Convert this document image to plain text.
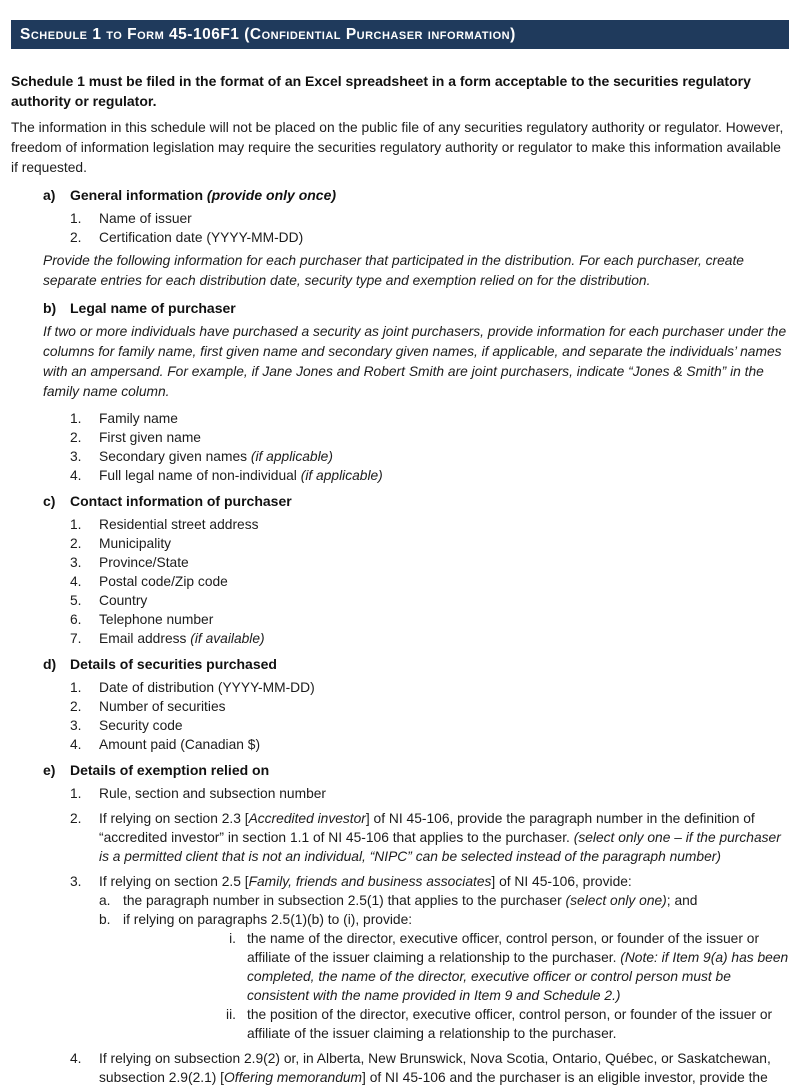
Schedule 1 to Form 45-106F1 (Confidential Purchaser information)

Schedule 1 must be filed in the format of an Excel spreadsheet in a form acceptable to the securities regulatory authority or regulator.

The information in this schedule will not be placed on the public file of any securities regulatory authority or regulator. However, freedom of information legislation may require the securities regulatory authority or regulator to make this information available if requested.

a)	General information (provide only once)
1.	Name of issuer
2.	Certification date (YYYY-MM-DD)

Provide the following information for each purchaser that participated in the distribution. For each purchaser, create separate entries for each distribution date, security type and exemption relied on for the distribution.

b) Legal name of purchaser

If two or more individuals have purchased a security as joint purchasers, provide information for each purchaser under the columns for family name, first given name and secondary given names, if applicable, and separate the individuals’ names with an ampersand. For example, if Jane Jones and Robert Smith are joint purchasers, indicate “Jones & Smith” in the family name column.

1.	Family name
2.	First given name
3.	Secondary given names (if applicable)
4.	Full legal name of non-individual (if applicable)
c)	Contact information of purchaser
1.	Residential street address
2.	Municipality
3.	Province/State
4.	Postal code/Zip code
5.	Country
6.	Telephone number
7.	Email address (if available)
d) Details of securities purchased
1.	Date of distribution (YYYY-MM-DD)
2.	Number of securities
3.	Security code
4.	Amount paid (Canadian $)
e)	Details of exemption relied on
1.	Rule, section and subsection number
2.	If relying on section 2.3 [Accredited investor] of NI 45-106, provide the paragraph number in the definition of “accredited investor” in section 1.1 of NI 45-106 that applies to the purchaser. (select only one – if the purchaser is a permitted client that is not an individual, “NIPC” can be selected instead of the paragraph number)
3.	If relying on section 2.5 [Family, friends and business associates] of NI 45-106, provide:
a. the paragraph number in subsection 2.5(1) that applies to the purchaser (select only one); and
b. if relying on paragraphs 2.5(1)(b) to (i), provide:
i. the name of the director, executive officer, control person, or founder of the issuer or affiliate of the issuer claiming a relationship to the purchaser. (Note: if Item 9(a) has been completed, the name of the director, executive officer or control person must be consistent with the name provided in Item 9 and Schedule 2.)
ii. the position of the director, executive officer, control person, or founder of the issuer or affiliate of the issuer claiming a relationship to the purchaser.
4.	If relying on subsection 2.9(2) or, in Alberta, New Brunswick, Nova Scotia, Ontario, Québec, or Saskatchewan, subsection 2.9(2.1) [Offering memorandum] of NI 45-106 and the purchaser is an eligible investor, provide the
